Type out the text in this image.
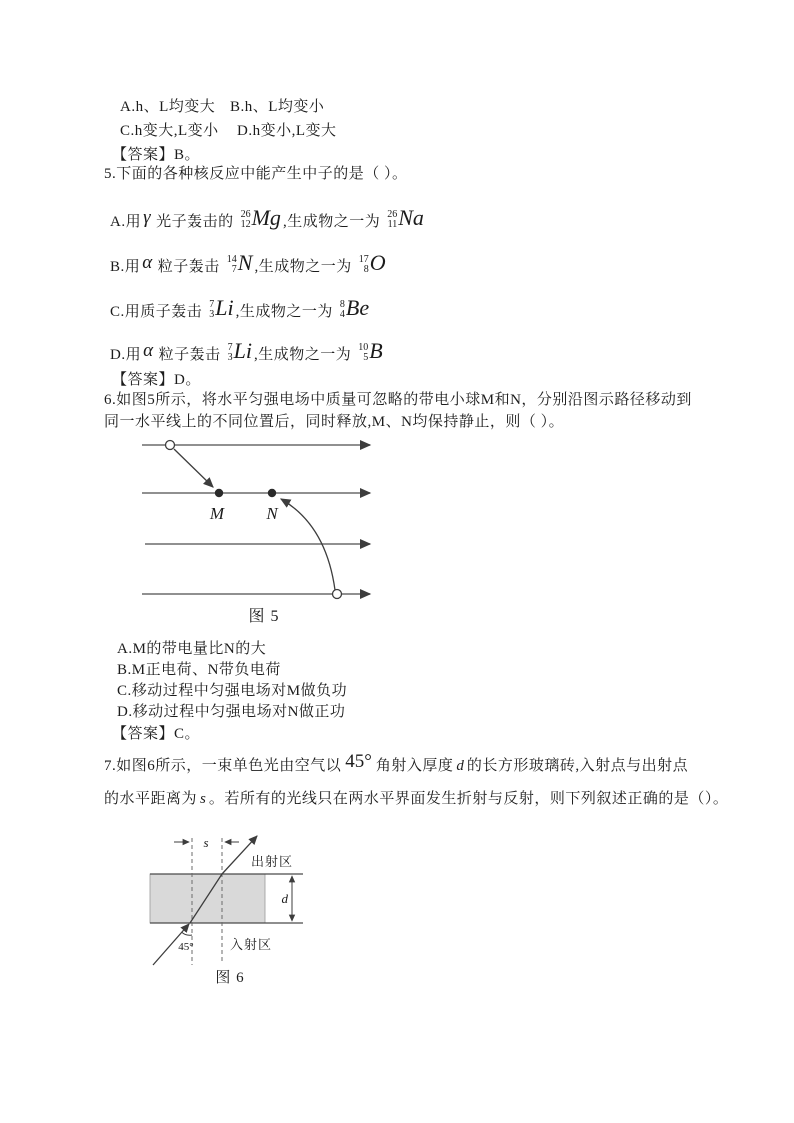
A.h、L均变大 B.h、L均变小
C.h变大,L变小 D.h变小,L变大
【答案】B。
5.下面的各种核反应中能产生中子的是（ ）。
A.用 γ 光子轰击的 26
12 Mg ,生成物之一为 26
11 Na
B.用 α 粒子轰击 14
7 N ,生成物之一为 17
8 O
C.用质子轰击 7
3 Li ,生成物之一为 8
4 Be
D.用 α 粒子轰击 7
3 Li ,生成物之一为 10
5 B
【答案】D。
6.如图5所示，将水平匀强电场中质量可忽略的带电小球M和N，分别沿图示路径移动到
同一水平线上的不同位置后，同时释放,M、N均保持静止，则（ ）。
M N
图 5
A.M的带电量比N的大
B.M正电荷、N带负电荷
C.移动过程中匀强电场对M做负功
D.移动过程中匀强电场对N做正功
【答案】C。
7.如图6所示，一束单色光由空气以 45° 角射入厚度 d 的长方形玻璃砖,入射点与出射点
的水平距离为 s 。若所有的光线只在两水平界面发生折射与反射，则下列叙述正确的是（）。
s
45°
d
出射区
入射区
图 6
